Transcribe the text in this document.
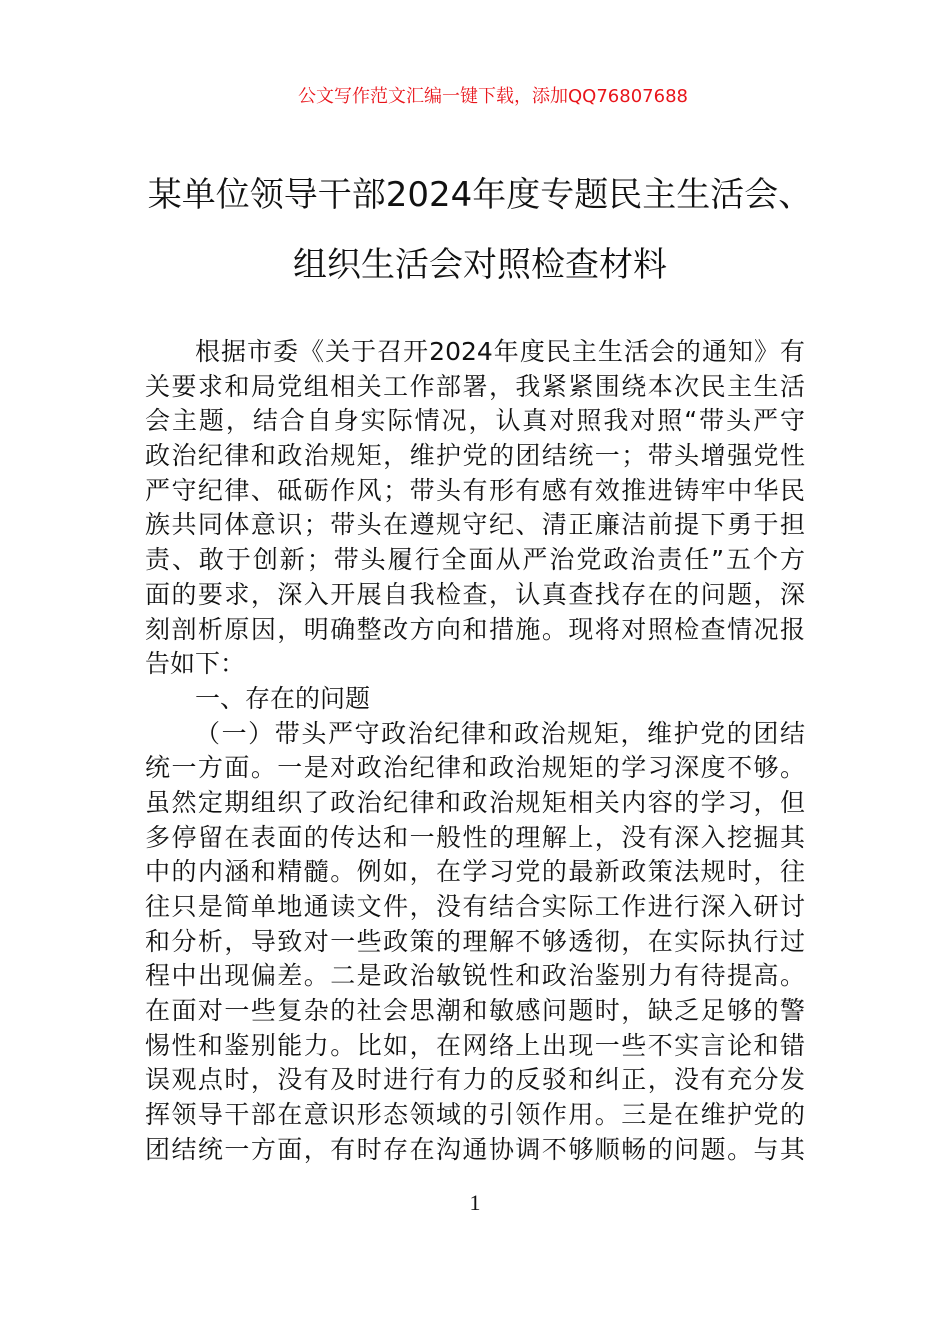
公文写作范文汇编一键下载，添加QQ76807688
某单位领导干部2024年度专题民主生活会、
组织生活会对照检查材料
根据市委《关于召开2024年度民主生活会的通知》有
关要求和局党组相关工作部署，我紧紧围绕本次民主生活
会主题，结合自身实际情况，认真对照我对照“带头严守
政治纪律和政治规矩，维护党的团结统一；带头增强党性
严守纪律、砥砺作风；带头有形有感有效推进铸牢中华民
族共同体意识；带头在遵规守纪、清正廉洁前提下勇于担
责、敢于创新；带头履行全面从严治党政治责任”五个方
面的要求，深入开展自我检查，认真查找存在的问题，深
刻剖析原因，明确整改方向和措施。现将对照检查情况报
告如下：
一、存在的问题
（一）带头严守政治纪律和政治规矩，维护党的团结
统一方面。一是对政治纪律和政治规矩的学习深度不够。
虽然定期组织了政治纪律和政治规矩相关内容的学习，但
多停留在表面的传达和一般性的理解上，没有深入挖掘其
中的内涵和精髓。例如，在学习党的最新政策法规时，往
往只是简单地通读文件，没有结合实际工作进行深入研讨
和分析，导致对一些政策的理解不够透彻，在实际执行过
程中出现偏差。二是政治敏锐性和政治鉴别力有待提高。
在面对一些复杂的社会思潮和敏感问题时，缺乏足够的警
惕性和鉴别能力。比如，在网络上出现一些不实言论和错
误观点时，没有及时进行有力的反驳和纠正，没有充分发
挥领导干部在意识形态领域的引领作用。三是在维护党的
团结统一方面，有时存在沟通协调不够顺畅的问题。与其
1
